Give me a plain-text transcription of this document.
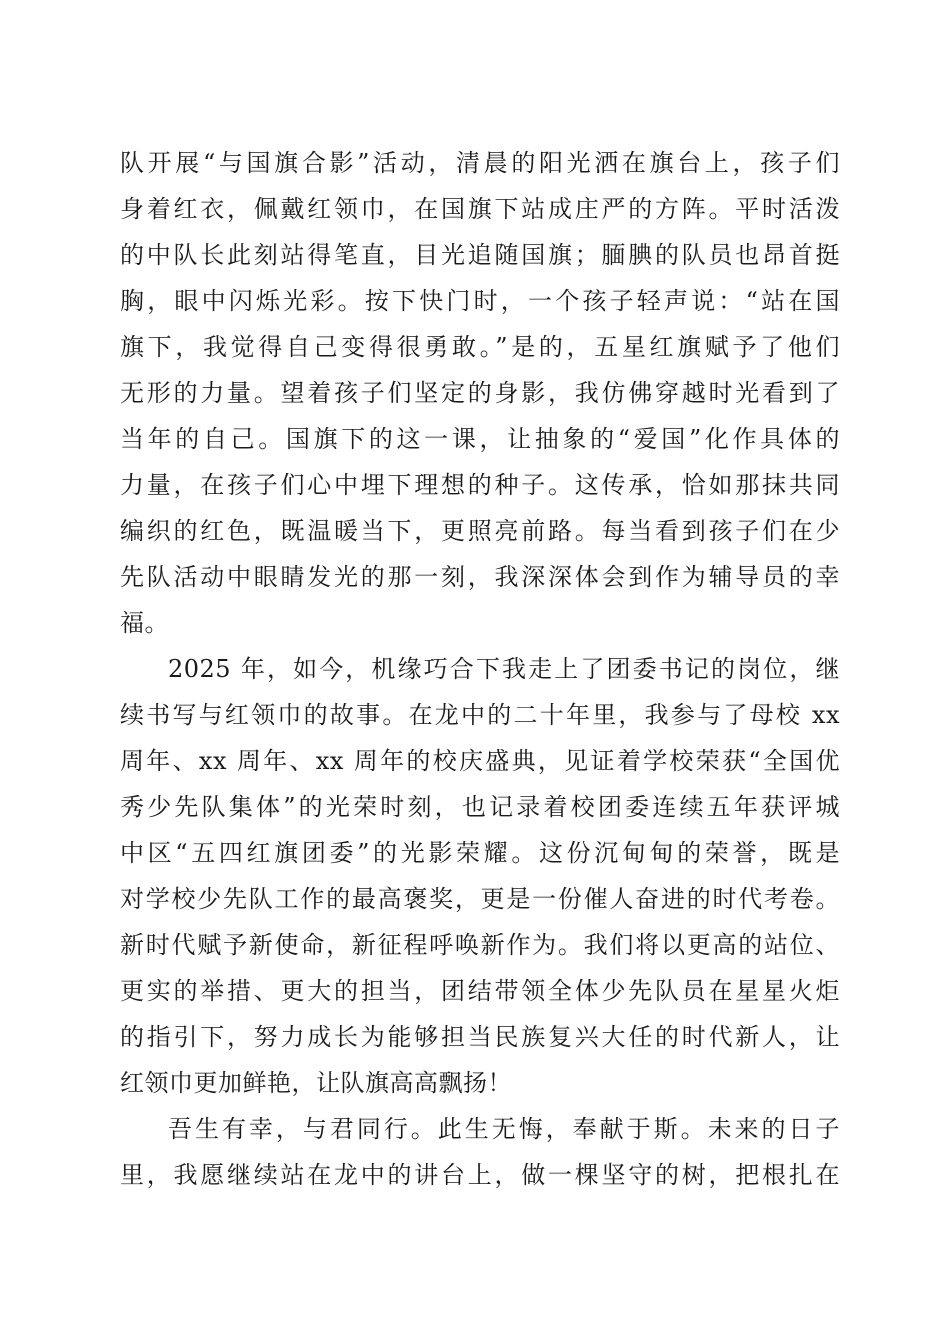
队开展“与国旗合影”活动，清晨的阳光洒在旗台上，孩子们
身着红衣，佩戴红领巾，在国旗下站成庄严的方阵。平时活泼
的中队长此刻站得笔直，目光追随国旗；腼腆的队员也昂首挺
胸，眼中闪烁光彩。按下快门时，一个孩子轻声说：“站在国
旗下，我觉得自己变得很勇敢。”是的，五星红旗赋予了他们
无形的力量。望着孩子们坚定的身影，我仿佛穿越时光看到了
当年的自己。国旗下的这一课，让抽象的“爱国”化作具体的
力量，在孩子们心中埋下理想的种子。这传承，恰如那抹共同
编织的红色，既温暖当下，更照亮前路。每当看到孩子们在少
先队活动中眼睛发光的那一刻，我深深体会到作为辅导员的幸
福。
2025 年，如今，机缘巧合下我走上了团委书记的岗位，继
续书写与红领巾的故事。在龙中的二十年里，我参与了母校 xx
周年、xx 周年、xx 周年的校庆盛典，见证着学校荣获“全国优
秀少先队集体”的光荣时刻，也记录着校团委连续五年获评城
中区“五四红旗团委”的光影荣耀。这份沉甸甸的荣誉，既是
对学校少先队工作的最高褒奖，更是一份催人奋进的时代考卷。
新时代赋予新使命，新征程呼唤新作为。我们将以更高的站位、
更实的举措、更大的担当，团结带领全体少先队员在星星火炬
的指引下，努力成长为能够担当民族复兴大任的时代新人，让
红领巾更加鲜艳，让队旗高高飘扬！
吾生有幸，与君同行。此生无悔，奉献于斯。未来的日子
里，我愿继续站在龙中的讲台上，做一棵坚守的树，把根扎在
